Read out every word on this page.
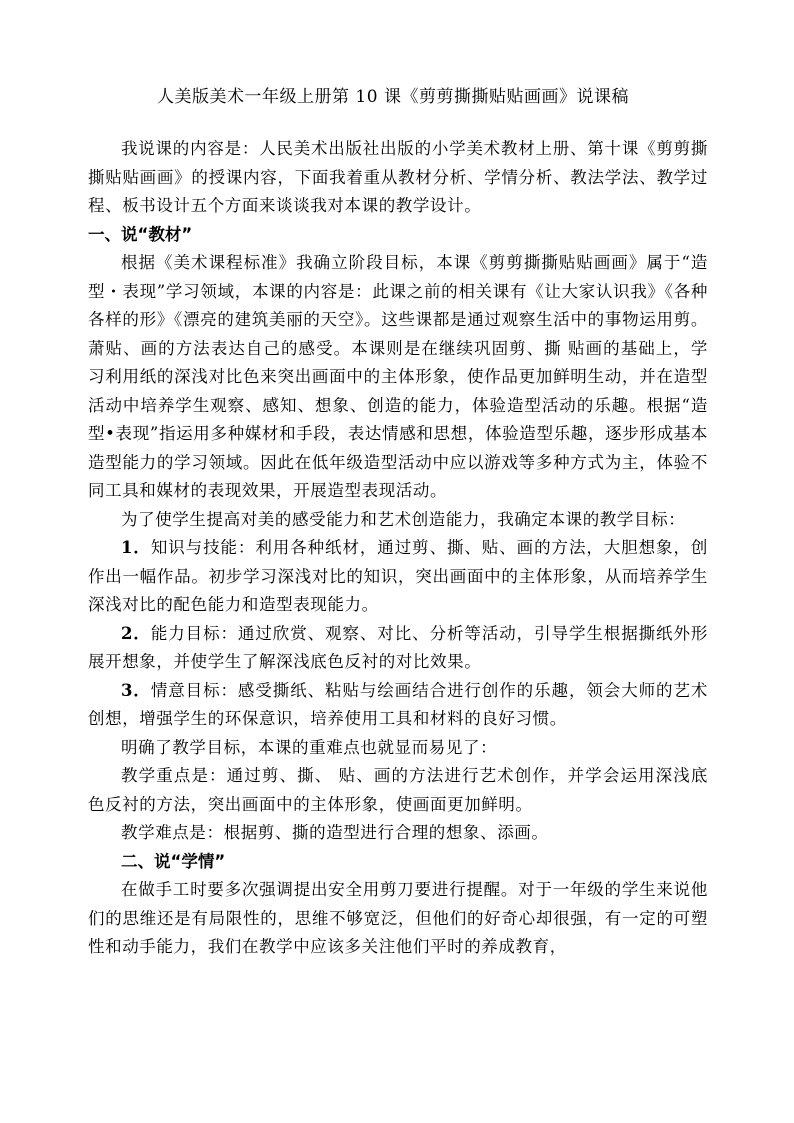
人美版美术一年级上册第 10 课《剪剪撕撕贴贴画画》说课稿

我说课的内容是：人民美术出版社出版的小学美术教材上册、第十课《剪剪撕撕贴贴画画》的授课内容，下面我着重从教材分析、学情分析、教法学法、教学过程、板书设计五个方面来谈谈我对本课的教学设计。

一、说“教材”

根据《美术课程标准》我确立阶段目标，本课《剪剪撕撕贴贴画画》属于“造型・表现”学习领域，本课的内容是：此课之前的相关课有《让大家认识我》《各种各样的形》《漂亮的建筑美丽的天空》。这些课都是通过观察生活中的事物运用剪。萧贴、画的方法表达自己的感受。本课则是在继续巩固剪、撕 贴画的基础上，学习利用纸的深浅对比色来突出画面中的主体形象，使作品更加鲜明生动，并在造型活动中培养学生观察、感知、想象、创造的能力，体验造型活动的乐趣。根据“造型•表现”指运用多种媒材和手段，表达情感和思想，体验造型乐趣，逐步形成基本造型能力的学习领域。因此在低年级造型活动中应以游戏等多种方式为主，体验不同工具和媒材的表现效果，开展造型表现活动。

为了使学生提高对美的感受能力和艺术创造能力，我确定本课的教学目标：

1．知识与技能：利用各种纸材，通过剪、撕、贴、画的方法，大胆想象，创作出一幅作品。初步学习深浅对比的知识，突出画面中的主体形象，从而培养学生深浅对比的配色能力和造型表现能力。

2．能力目标：通过欣赏、观察、对比、分析等活动，引导学生根据撕纸外形展开想象，并使学生了解深浅底色反衬的对比效果。

3．情意目标：感受撕纸、粘贴与绘画结合进行创作的乐趣，领会大师的艺术创想，增强学生的环保意识，培养使用工具和材料的良好习惯。

明确了教学目标，本课的重难点也就显而易见了：

教学重点是：通过剪、撕、 贴、画的方法进行艺术创作，并学会运用深浅底色反衬的方法，突出画面中的主体形象，使画面更加鲜明。

教学难点是：根据剪、撕的造型进行合理的想象、添画。

二、说“学情”

在做手工时要多次强调提出安全用剪刀要进行提醒。对于一年级的学生来说他们的思维还是有局限性的，思维不够宽泛，但他们的好奇心却很强，有一定的可塑性和动手能力，我们在教学中应该多关注他们平时的养成教育，
